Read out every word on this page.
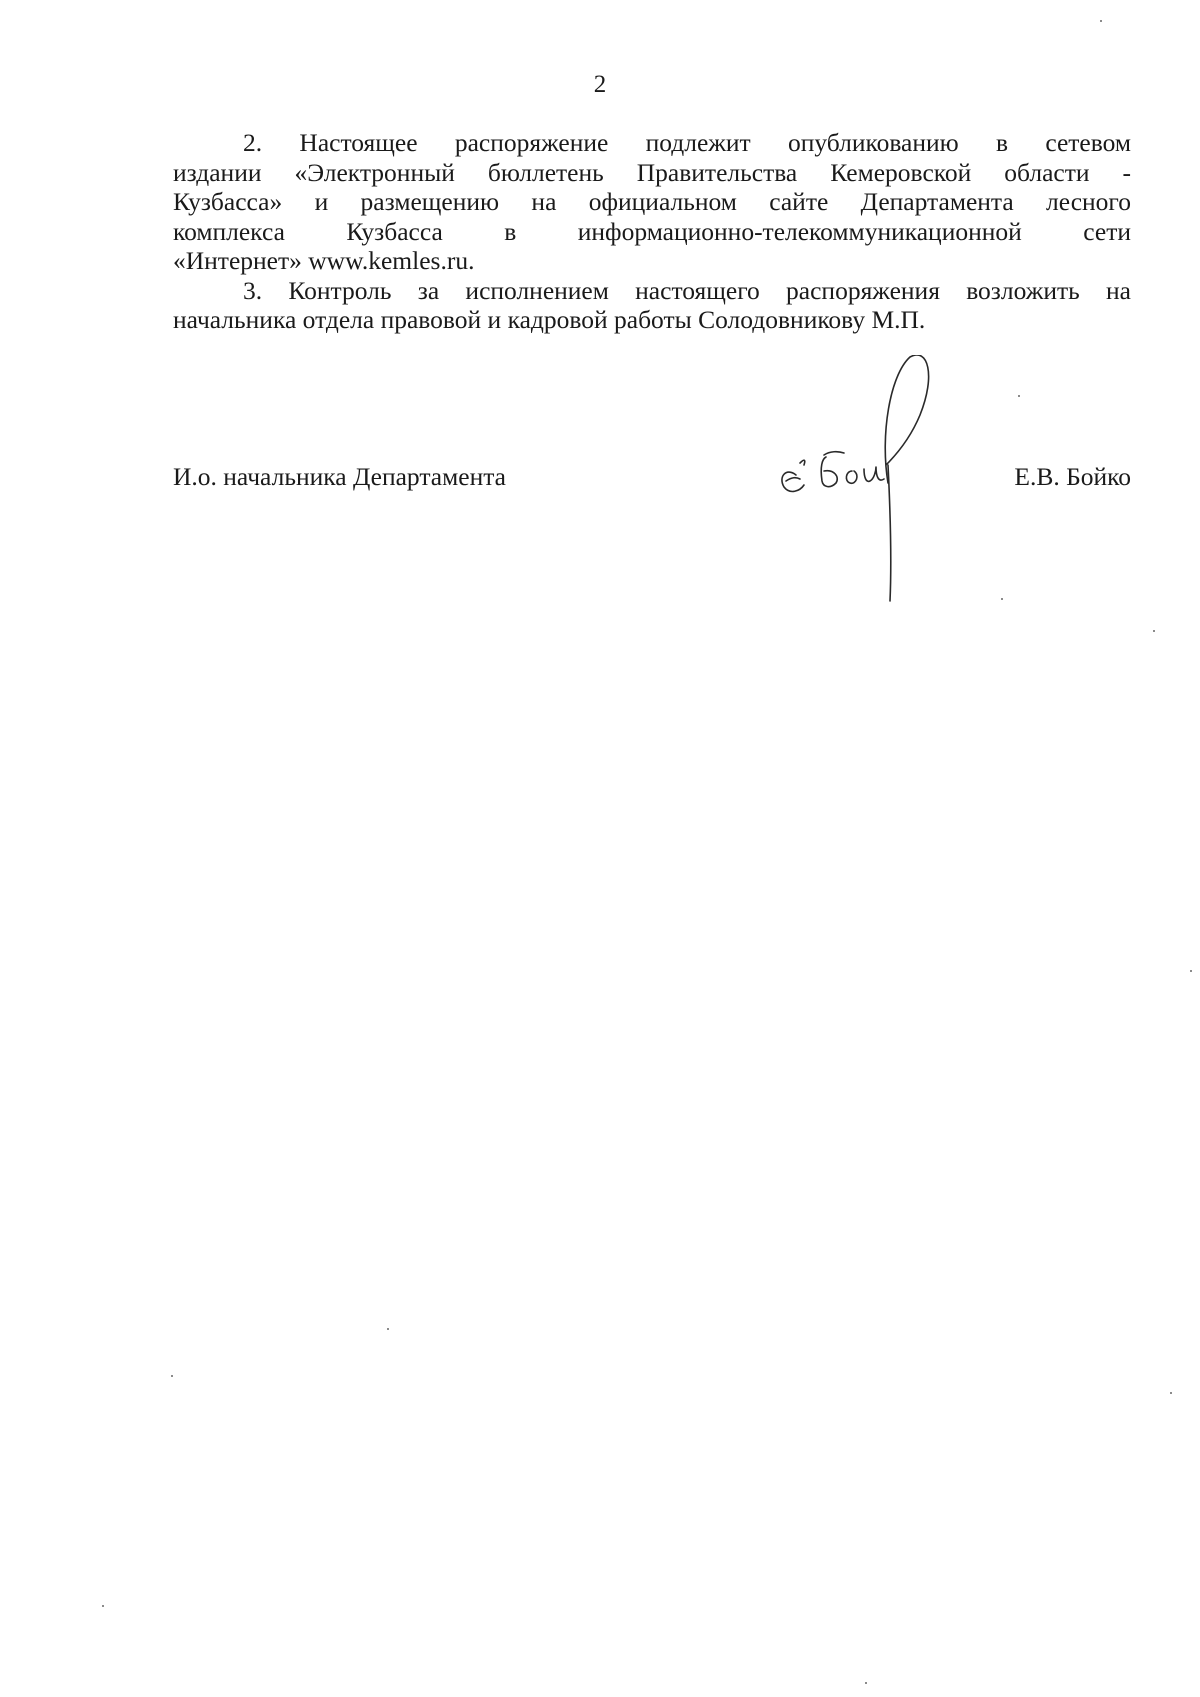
2

2. Настоящее распоряжение подлежит опубликованию в сетевом
издании «Электронный бюллетень Правительства Кемеровской области -
Кузбасса» и размещению на официальном сайте Департамента лесного
комплекса Кузбасса в информационно-телекоммуникационной сети
«Интернет» www.kemles.ru.

3. Контроль за исполнением настоящего распоряжения возложить на
начальника отдела правовой и кадровой работы Солодовникову М.П.

И.о. начальника Департамента	Е.В. Бойко
